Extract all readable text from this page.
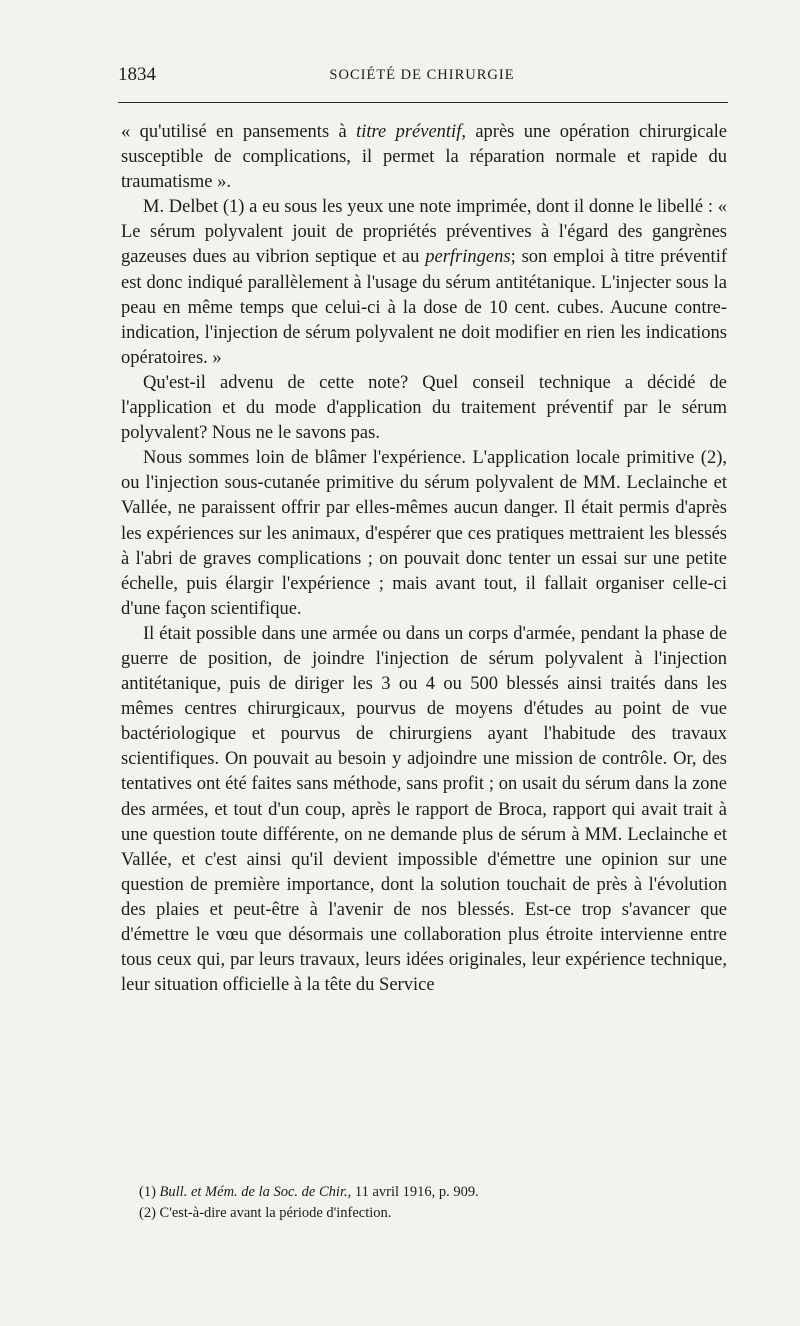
1834	SOCIÉTÉ DE CHIRURGIE

« qu'utilisé en pansements à titre préventif, après une opération chirurgicale susceptible de complications, il permet la réparation normale et rapide du traumatisme ».

M. Delbet (1) a eu sous les yeux une note imprimée, dont il donne le libellé : « Le sérum polyvalent jouit de propriétés préventives à l'égard des gangrènes gazeuses dues au vibrion septique et au perfringens; son emploi à titre préventif est donc indiqué parallèlement à l'usage du sérum antitétanique. L'injecter sous la peau en même temps que celui-ci à la dose de 10 cent. cubes. Aucune contre-indication, l'injection de sérum polyvalent ne doit modifier en rien les indications opératoires. »

Qu'est-il advenu de cette note? Quel conseil technique a décidé de l'application et du mode d'application du traitement préventif par le sérum polyvalent? Nous ne le savons pas.

Nous sommes loin de blâmer l'expérience. L'application locale primitive (2), ou l'injection sous-cutanée primitive du sérum polyvalent de MM. Leclainche et Vallée, ne paraissent offrir par elles-mêmes aucun danger. Il était permis d'après les expériences sur les animaux, d'espérer que ces pratiques mettraient les blessés à l'abri de graves complications ; on pouvait donc tenter un essai sur une petite échelle, puis élargir l'expérience ; mais avant tout, il fallait organiser celle-ci d'une façon scientifique.

Il était possible dans une armée ou dans un corps d'armée, pendant la phase de guerre de position, de joindre l'injection de sérum polyvalent à l'injection antitétanique, puis de diriger les 3 ou 4 ou 500 blessés ainsi traités dans les mêmes centres chirurgicaux, pourvus de moyens d'études au point de vue bactériologique et pourvus de chirurgiens ayant l'habitude des travaux scientifiques. On pouvait au besoin y adjoindre une mission de contrôle. Or, des tentatives ont été faites sans méthode, sans profit ; on usait du sérum dans la zone des armées, et tout d'un coup, après le rapport de Broca, rapport qui avait trait à une question toute différente, on ne demande plus de sérum à MM. Leclainche et Vallée, et c'est ainsi qu'il devient impossible d'émettre une opinion sur une question de première importance, dont la solution touchait de près à l'évolution des plaies et peut-être à l'avenir de nos blessés. Est-ce trop s'avancer que d'émettre le vœu que désormais une collaboration plus étroite intervienne entre tous ceux qui, par leurs travaux, leurs idées originales, leur expérience technique, leur situation officielle à la tête du Service

(1) Bull. et Mém. de la Soc. de Chir., 11 avril 1916, p. 909.

(2) C'est-à-dire avant la période d'infection.
